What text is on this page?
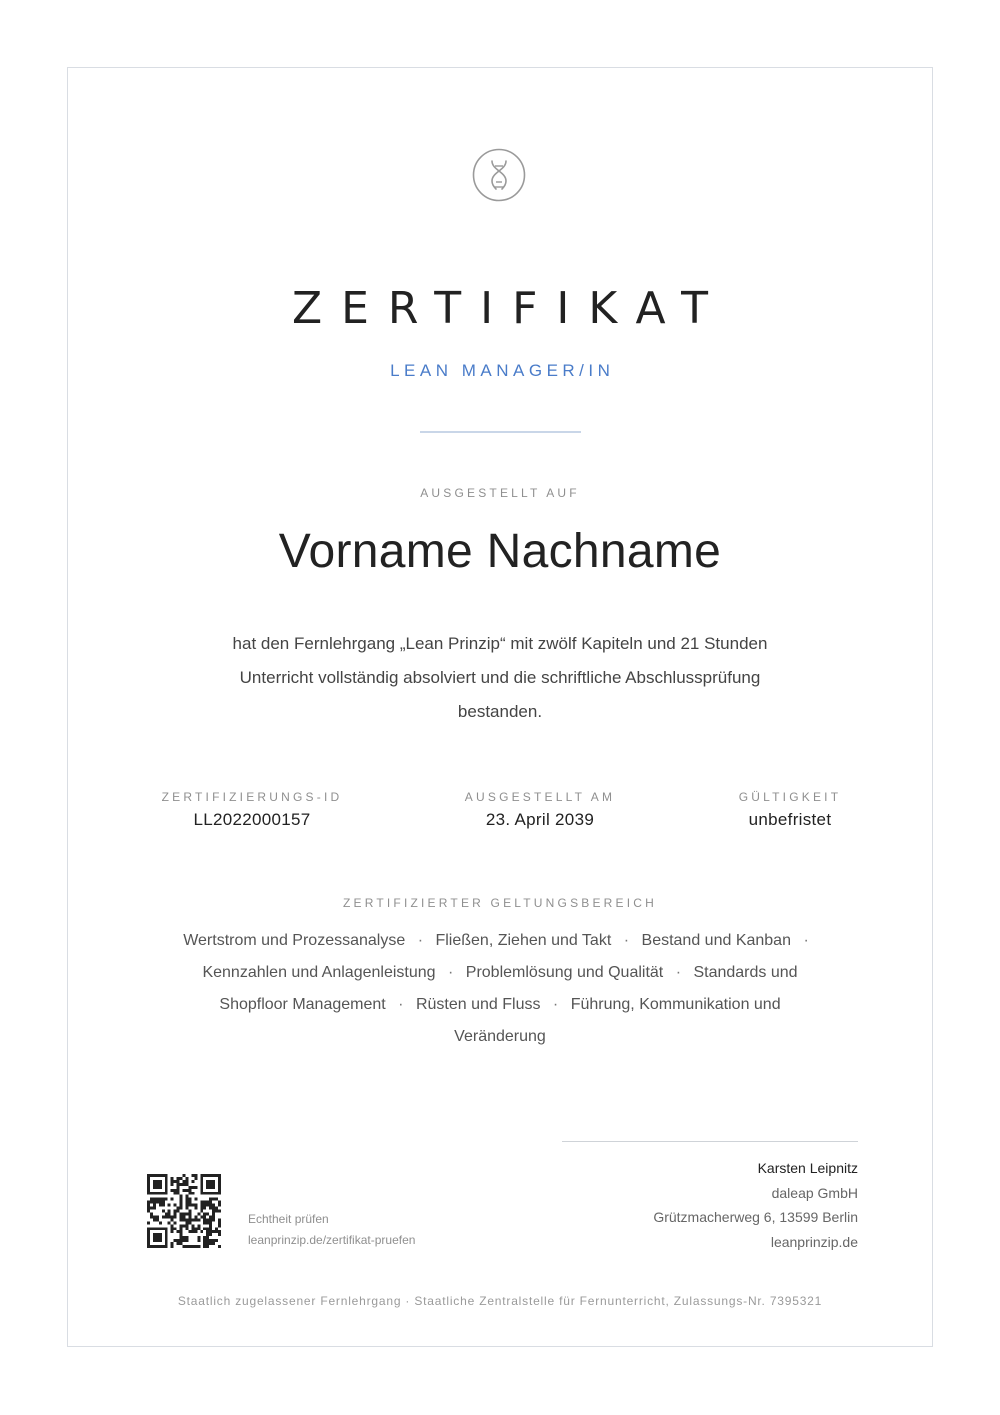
ZERTIFIKAT
LEAN MANAGER/IN
AUSGESTELLT AUF
Vorname Nachname
hat den Fernlehrgang „Lean Prinzip“ mit zwölf Kapiteln und 21 Stunden Unterricht vollständig absolviert und die schriftliche Abschlussprüfung bestanden.
ZERTIFIZIERUNGS-ID
LL2022000157
AUSGESTELLT AM
23. April 2039
GÜLTIGKEIT
unbefristet
ZERTIFIZIERTER GELTUNGSBEREICH
Wertstrom und Prozessanalyse · Fließen, Ziehen und Takt · Bestand und Kanban · Kennzahlen und Anlagenleistung · Problemlösung und Qualität · Standards und Shopfloor Management · Rüsten und Fluss · Führung, Kommunikation und Veränderung
Karsten Leipnitz
daleap GmbH
Grützmacherweg 6, 13599 Berlin
leanprinzip.de
Echtheit prüfen
leanprinzip.de/zertifikat-pruefen
Staatlich zugelassener Fernlehrgang · Staatliche Zentralstelle für Fernunterricht, Zulassungs-Nr. 7395321
